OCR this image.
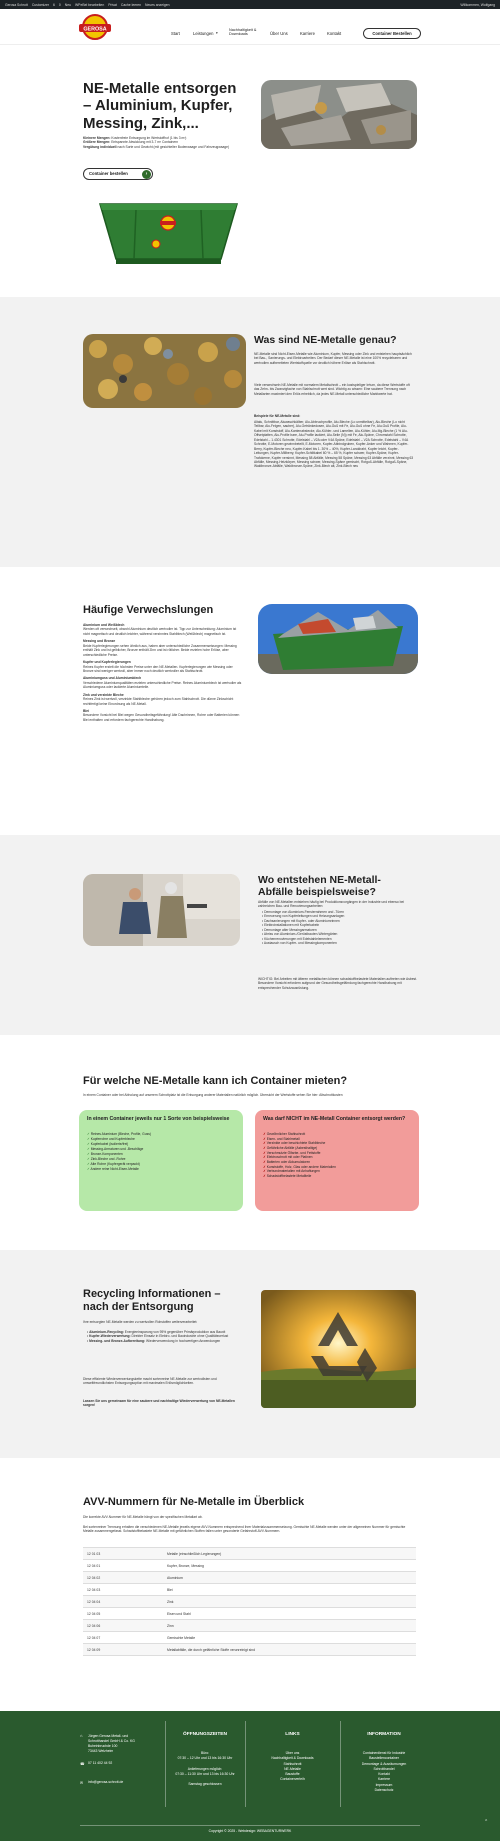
Gerosa Schrott Customizer 6 0 Neu WPeBel bearbeiten Privat Cache leeren Neues anzeigen	Willkommen, Wolfgang
GEROSA
Start	Leistungen ▾
Nachhaltigkeit & Downloads	Über Uns	Karriere	Kontakt	Container Bestellen
NE-Metalle entsorgen
– Aluminium, Kupfer,
Messing, Zink,...
Kleinere Mengen: Kostenfreie Entsorgung im Wertstoffhof (1 bis 3 m³)
Größere Mengen: Entspannte Abwicklung mit 3-7 m³ Containern
Vergütung individuell nach Sorte und Gewicht (mit gesichtelter Bodenwaage und Fahrzeugwaage)
Container bestellen	›
Was sind NE-Metalle genau?
NE-Metalle sind Nicht-Eisen-Metalle wie Aluminium, Kupfer, Messing oder Zink und entstehen hauptsächlich bei Bau-, Sanierungs- und Elektroarbeiten. Der Bedarf dieser NE-Metalle ist eine 100% recyclebaren und wertvollen aufbereiteten Wertstoffquelle vor deutlich höhere Erlöse als Stahlschrott.
Viele verwechseln NE-Metalle mit normalem Metallschrott – ein kostspieliger Irrtum, da diese Wertstoffe oft das Zehn- bis Zwanzigfache von Stahlschrott wert sind. Wichtig zu wissen: Eine saubere Trennung nach Metallarten maximiert den Erlös erheblich, da jedes NE-Metall unterschiedliche Marktwerte hat.
Beispiele für NE-Metalle sind:
Altalu, Schnittbar, Aluwaschkälber, Alu-Abbruchprofile, Alu-Bleche (Lo unmittelbar), Alu-Bleche (Lo nicht Teilbar, Alu-Felgen, sauber), Alu-Getränkedosen, Alu-Guß mit Fe, Alu-Guß ohne Fe, Alu-Guß Profile, Alu-Kabel mit Kunststoff, Alu-Kantenabstecke, Alu-Kühler- und Lamellen, Alu-Kühler, Alu-Mg-Bleche (1 % Alu-Offsetplatten, Alu-Profile bare, Alu-Profile lackiert, Alu-Seile (N)) mit Fe, Alu-Späne, Chromstahl Schrotte, Edelstahl – 1.4301 Schrotte, Edelstahl – V2A oder V4A Späne, Edelstahl – V2A Schrotte, Edelstahl – V4A Schrotte, E-Motoren gewinnbeteilt, E-Motoren, Kupfer-Abbindgruben, Kupfer-Anker und Wahmen, Kupfer-Berry, Kupfer-Bleche neu, Kupfer-Kabel bis 1. 30% – 40%, Kupfer-Landdraht, Kupfer leicht, Kupfer-Leitungen, Kupfer-Millberry, Kupfer-Schiltkabel 60 % – 65 %, Kupfer schwer, Kupfer-Späne, Kupfer-Trafokerne, Kupfer versinnt, Messing 58 Abfälle, Messing 58 Späne, Messing 63 Abfälle verzinnt, Messing 63 Abfälle, Messing-Heizkörper, Messing schwer, Messing-Späne gemischt, Rotguß-Abfälle, Rotguß-Späne, Waldbronze-Abfälle, Waldbronze-Späne, Zink-Blech alt, Zink-Blech neu
Häufige Verwechslungen
Aluminium und Weißblech
Werden oft verwechselt, obwohl Aluminium deutlich wertvoller ist. Tipp zur Unterscheidung: Aluminium ist nicht magnetisch und deutlich leichter, während verzinntes Stahlblech (Weißblech) magnetisch ist.
Messing und Bronze
Beide Kupferlegierungen sehen ähnlich aus, haben aber unterschiedliche Zusammensetzungen: Messing enthält Zink und ist gelblicher, Bronze enthält Zinn und ist rötlicher. Beide erzielen hohe Erlöse, aber unterschiedliche Preise.
Kupfer und Kupferlegierungen
Reines Kupfer erzielt die höchsten Preise unter den NE-Metallen. Kupferlegierungen wie Messing oder Bronze sind weniger wertvoll, aber immer noch deutlich wertvoller als Stahlschrott.
Aluminiumguss und Aluminiumblech
Verschiedene Aluminiumqualitäten erzielen unterschiedliche Preise. Reines Aluminiumblech ist wertvoller als Aluminiumguss oder lackierte Aluminiumteile.
Zink und verzinkte Bleche
Reines Zink ist wertvoll, verzinkte Stahlbleche gehören jedoch zum Stahlschrott. Die dünne Zinkschicht rechtfertigt keine Einordnung als NE-Metall.
Blei
Besondere Vorsicht bei Blei wegen Gesundheitsgefährdung! Alte Dachrinnen, Rohre oder Batterien können Blei enthalten und erfordern fachgerechte Handhabung.
Wo entstehen NE-Metall-
Abfälle beispielsweise?
Abfälle von NE-Metallen entstehen häufig bei Produktionsvorgängen in der Industrie und ebenso bei zahlreichen Bau- und Renovierungsarbeiten:
• Demontage von Aluminium-Fensterrahmen und -Türen
• Erneuerung von Kupferleitungen und Heizungsanlagen
• Dachsanierungen mit Kupfer- oder Aluminiumrinnen
• Elektroinstallationen mit Kupferkabeln
• Demontage alter Messingarmaturen
• Abriss von Aluminium-/Gerüstbauten-Wintergärten
• Küchenrenovierungen mit Edelstahlelementen
• Austausch von Kupfer- und Messingkomponenten
WICHTIG: Bei Arbeiten mit älteren metallischen können schadstoffbelastete Materialien auftreten wie Asbest. Besondere Vorsicht erfordern aufgrund der Gesundheitsgefährdung fachgerechte Handhabung mit entsprechender Schutzausrüstung.
Für welche NE-Metalle kann ich Container mieten?
In einem Container oder bei Abholung auf unserem Schrottplatz ist die Entsorgung anderer Materialien natürlich möglich. Übersicht der Wertstoffe sehen Sie hier: Altschrottkosten
In einem Container jeweils nur 1 Sorte von beispielsweise
✓ Reines Aluminium (Bleche, Profile, Guss)
✓ Kupferrohre und Kupferbleche
✓ Kupferkabel (isolierte/frei)
✓ Messing-Armaturen und -Beschläge
✓ Bronze-Komponenten
✓ Zink-Bleche und -Rohre
✓ Alte Rohre (Kupfergerät verpackt)
✓ Andere reine Nicht-Eisen-Metalle
Was darf NICHT im NE-Metall Container entsorgt werden?
✗ Gewöhnlicher Stahlschrott
✗ Eisen- und Stahlmetall
✗ Verzinkte oder beschichtete Stahlbleche
✗ Gefährliche Abfälle (Asbesthaltige)
✗ Verschmutzte Ölfarbe- und Fettstoffe
✗ Elektroschrott mit oder Platinen
✗ Batterien oder Akkumulatoren
✗ Kunststoffe, Holz, Glas oder andere Materialien
✗ Verbundmaterialien mit Anhaftungen
✗ Schadstoffbelastete Metallteile
Recycling Informationen –
nach der Entsorgung
Ihre entsorgten NE-Metalle werden zu wertvollen Rohstoffen weiterverarbeitet:
• Aluminium-Recycling: Energieeinsparung von 95% gegenüber Primärproduktion aus Bauxit
• Kupfer-Wiederverwertung: Direkter Einsatz in Elektro- und Baoindustrie ohne Qualitätsverlust
• Messing- und Bronze-Aufbereitung: Wiederverwendung in hochwertigen Anwendungen
Diese effiziente Wiederverwertungskette macht sortenreine NE-Metalle zur wertvollsten und umweltfreundlichsten Entsorgungsoption mit maximalen Erlösmöglichkeiten.
Lassen Sie uns gemeinsam für eine saubere und nachhaltige Wiederverwertung von NE-Metallen sorgen!
AVV-Nummern für Ne-Metalle im Überblick
Die korrekte AVV-Nummer für NE-Metalle hängt von der spezifischen Metallart ab.
Bei sortenreiner Trennung erhalten die verschiedenen NE-Metalle jeweils eigene AVV-Nummern entsprechend ihrer Materialzusammensetzung. Gemischte NE-Metalle werden unter der allgemeinen Nummer für gemischte Metalle zusammengefasst. Schadstoffbelastete NE-Metalle mit gefährlichen Stoffen fallen unter gesonderte Gefahrstoff-AVV-Nummern.
12 01 03	Metalle (einschließlich Legierungen)
12 04 01	Kupfer, Bronze, Messing
12 04 02	Aluminium
12 04 03	Blei
12 04 04	Zink
12 04 05	Eisen und Stahl
12 04 06	Zinn
12 04 07	Gemischte Metalle
12 04 09	Metallabfälle, die durch gefährliche Stoffe verunreinigt sind
Jürgen Gerosa Metall- und
Schrotthandel GmbH & Co. KG
Buheinbruchde 100
73443 Welzheim
⌂
☎ 07 11 402 44 92
✉ info@gerosa-schrott.de
ÖFFNUNGSZEITEN
Büro:
07:30 – 12 Uhr und 13 bis 16:30 Uhr
Anlieferungen möglich:
07:30 – 11:30 Uhr und 13 bis 16:30 Uhr
Samstag geschlossen
LINKS
Über uns
Nachhaltigkeit & Downloads
Stahlschrott
NE-Metalle
Baustoffe
Containerverleih
INFORMATION
Containerdienst für Industrie
Baustellencontainer
Demontage & Ausräumungen
Schrotthandel
Kontakt
Karriere
Impressum
Datenschutz
Copyright © 2025 - Webdesign: WEBAGENTURWERK
⌃
